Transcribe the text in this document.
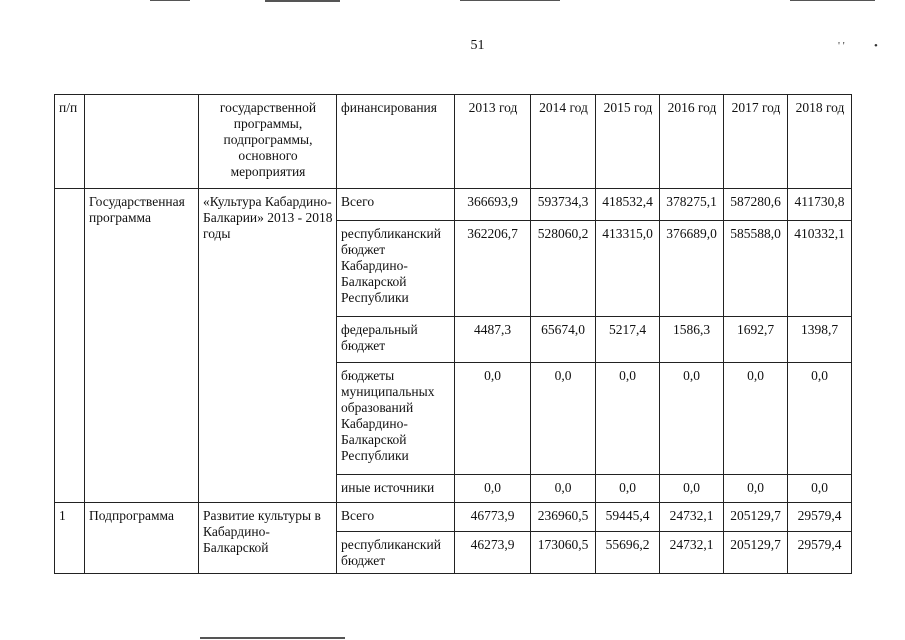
51	' '	•
п/п		государственной программы, подпрограммы, основного мероприятия	финансирования	2013 год	2014 год	2015 год	2016 год	2017 год	2018 год
	Государственная программа	«Культура Кабардино-Балкарии» 2013 - 2018 годы	Всего	366693,9	593734,3	418532,4	378275,1	587280,6	411730,8
			республиканский бюджет Кабардино-Балкарской Республики	362206,7	528060,2	413315,0	376689,0	585588,0	410332,1
			федеральный бюджет	4487,3	65674,0	5217,4	1586,3	1692,7	1398,7
			бюджеты муниципальных образований Кабардино-Балкарской Республики	0,0	0,0	0,0	0,0	0,0	0,0
			иные источники	0,0	0,0	0,0	0,0	0,0	0,0
1	Подпрограмма	Развитие культуры в Кабардино-Балкарской	Всего	46773,9	236960,5	59445,4	24732,1	205129,7	29579,4
			республиканский бюджет	46273,9	173060,5	55696,2	24732,1	205129,7	29579,4
